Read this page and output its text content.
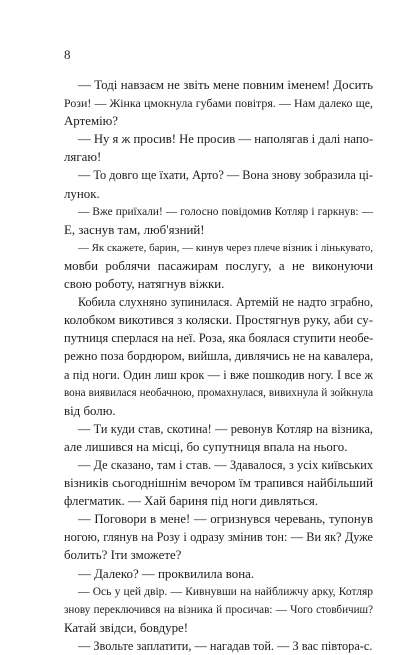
8
— Тоді навзаєм не звіть мене повним іменем! Досить
Рози! — Жінка цмокнула губами повітря. — Нам далеко ще,
Артемію?
— Ну я ж просив! Не просив — наполягав і далі напо-
лягаю!
— То довго ще їхати, Арто? — Вона знову зобразила ці-
лунок.
— Вже приїхали! — голосно повідомив Котляр і гаркнув: —
Е, заснув там, люб'язний!
— Як скажете, барин, — кинув через плече візник і лінькувато,
мовби роблячи пасажирам послугу, а не виконуючи
свою роботу, натягнув віжки.
Кобила слухняно зупинилася. Артемій не надто зграбно,
колобком викотився з коляски. Простягнув руку, аби су-
путниця сперлася на неї. Роза, яка боялася ступити необе-
режно поза бордюром, вийшла, дивлячись не на кавалера,
а під ноги. Один лиш крок — і вже пошкодив ногу. І все ж
вона виявилася необачною, промахнулася, вивихнула й зойкнула
від болю.
— Ти куди став, скотина! — ревонув Котляр на візника,
але лишився на місці, бо супутниця впала на нього.
— Де сказано, там і став. — Здавалося, з усіх київських
візників сьогоднішнім вечором їм трапився найбільший
флегматик. — Хай бариня під ноги дивляться.
— Поговори в мене! — огризнувся черевань, тупонув
ногою, глянув на Розу і одразу змінив тон: — Ви як? Дуже
болить? Іти зможете?
— Далеко? — проквилила вона.
— Ось у цей двір. — Кивнувши на найближчу арку, Котляр
знову переключився на візника й просичав: — Чого стовбичиш?
Катай звідси, бовдуре!
— Звольте заплатити, — нагадав той. — З вас півтора-с.
